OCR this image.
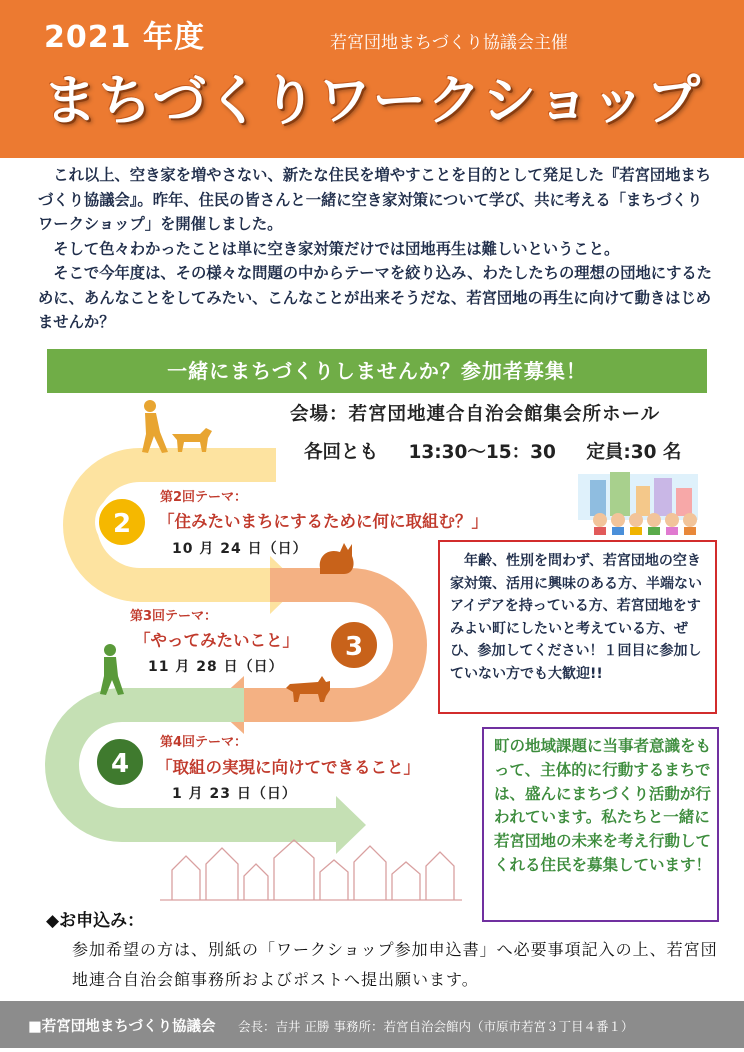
2021 年度	若宮団地まちづくり協議会主催
まちづくりワークショップ

これ以上、空き家を増やさない、新たな住民を増やすことを目的として発足した『若宮団地まちづくり協議会』。昨年、住民の皆さんと一緒に空き家対策について学び、共に考える「まちづくりワークショップ」を開催しました。

そして色々わかったことは単に空き家対策だけでは団地再生は難しいということ。

そこで今年度は、その様々な問題の中からテーマを絞り込み、わたしたちの理想の団地にするために、あんなことをしてみたい、こんなことが出来そうだな、若宮団地の再生に向けて動きはじめませんか？

一緒にまちづくりしませんか？参加者募集！
会場：若宮団地連合自治会館集会所ホール
各回とも 13:30〜15：30 定員:30 名
2
3
4
第2回テーマ：
「住みたいまちにするために何に取組む？」
10 月 24 日（日）
第3回テーマ：
「やってみたいこと」
11 月 28 日（日）
第4回テーマ：
「取組の実現に向けてできること」
1 月 23 日（日）
年齢、性別を問わず、若宮団地の空き家対策、活用に興味のある方、半端ないアイデアを持っている方、若宮団地をすみよい町にしたいと考えている方、ぜひ、参加してください！１回目に参加していない方でも大歓迎!!
町の地域課題に当事者意識をもって、主体的に行動するまちでは、盛んにまちづくり活動が行われています。私たちと一緒に若宮団地の未来を考え行動してくれる住民を募集しています！
◆お申込み：
参加希望の方は、別紙の「ワークショップ参加申込書」へ必要事項記入の上、若宮団地連合自治会館事務所およびポストへ提出願います。
■若宮団地まちづくり協議会 会長：吉井 正勝 事務所：若宮自治会館内（市原市若宮３丁目４番１）
